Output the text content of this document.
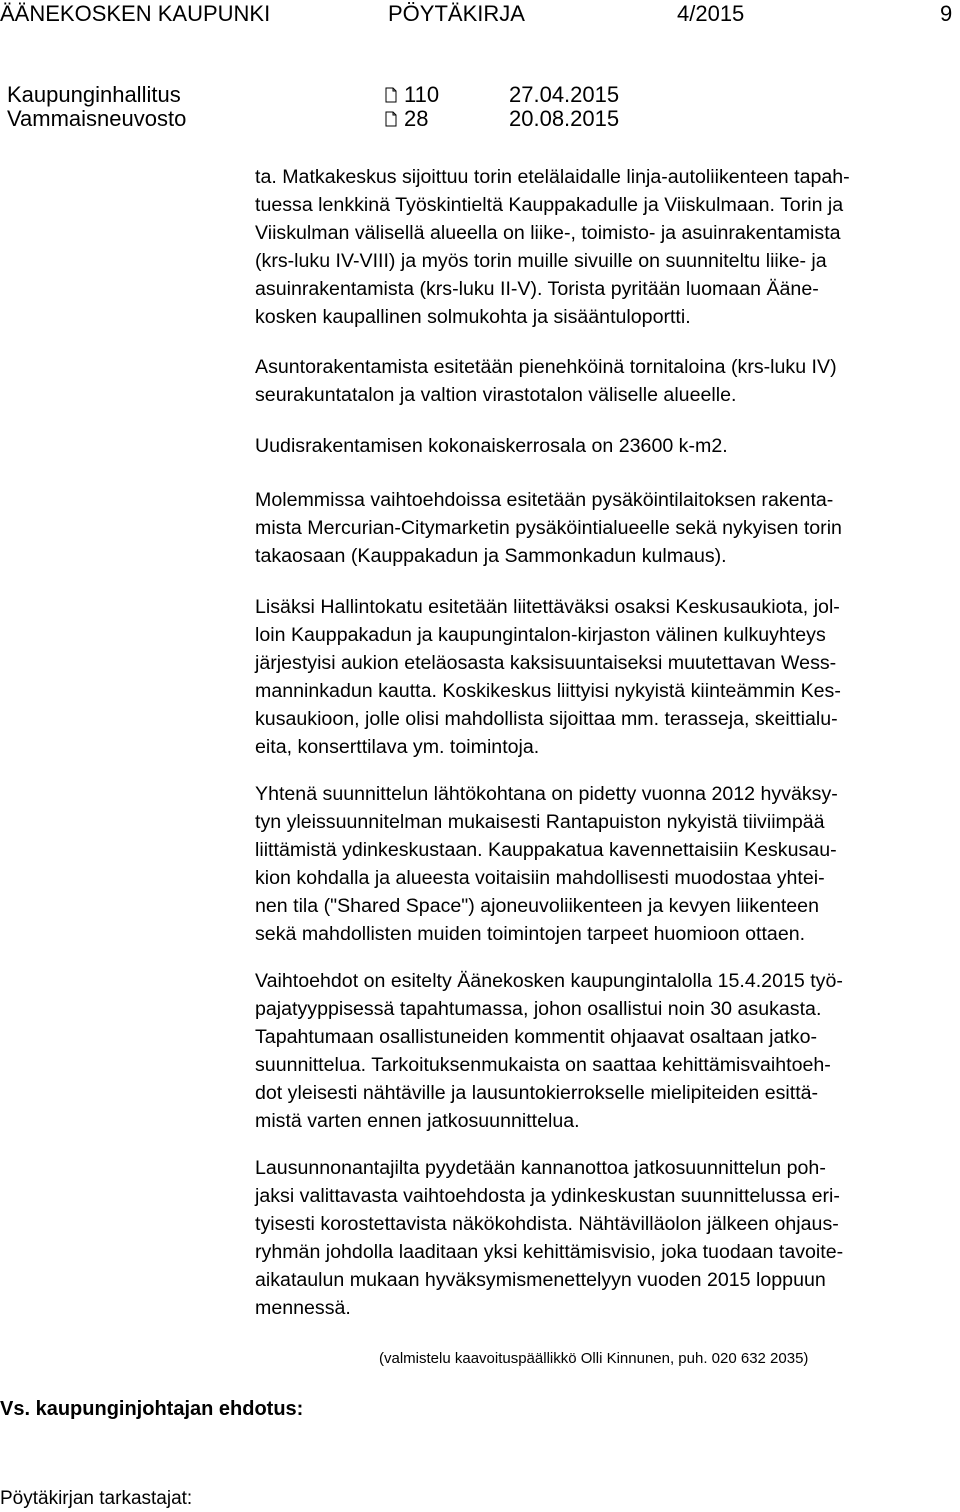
ÄÄNEKOSKEN KAUPUNKI	PÖYTÄKIRJA	4/2015	9
Kaupunginhallitus	110	27.04.2015
Vammaisneuvosto	28	20.08.2015
ta. Matkakeskus sijoittuu torin etelälaidalle linja-autoliikenteen tapah-
tuessa lenkkinä Työskintieltä Kauppakadulle ja Viiskulmaan. Torin ja
Viiskulman välisellä alueella on liike-, toimisto- ja asuinrakentamista
(krs-luku IV-VIII) ja myös torin muille sivuille on suunniteltu liike- ja
asuinrakentamista (krs-luku II-V). Torista pyritään luomaan Ääne-
kosken kaupallinen solmukohta ja sisääntuloportti.
Asuntorakentamista esitetään pienehköinä tornitaloina (krs-luku IV)
seurakuntatalon ja valtion virastotalon väliselle alueelle.
Uudisrakentamisen kokonaiskerrosala on 23600 k-m2.
Molemmissa vaihtoehdoissa esitetään pysäköintilaitoksen rakenta-
mista Mercurian-Citymarketin pysäköintialueelle sekä nykyisen torin
takaosaan (Kauppakadun ja Sammonkadun kulmaus).
Lisäksi Hallintokatu esitetään liitettäväksi osaksi Keskusaukiota, jol-
loin Kauppakadun ja kaupungintalon-kirjaston välinen kulkuyhteys
järjestyisi aukion eteläosasta kaksisuuntaiseksi muutettavan Wess-
manninkadun kautta. Koskikeskus liittyisi nykyistä kiinteämmin Kes-
kusaukioon, jolle olisi mahdollista sijoittaa mm. terasseja, skeittialu-
eita, konserttilava ym. toimintoja.
Yhtenä suunnittelun lähtökohtana on pidetty vuonna 2012 hyväksy-
tyn yleissuunnitelman mukaisesti Rantapuiston nykyistä tiiviimpää
liittämistä ydinkeskustaan. Kauppakatua kavennettaisiin Keskusau-
kion kohdalla ja alueesta voitaisiin mahdollisesti muodostaa yhtei-
nen tila ("Shared Space") ajoneuvoliikenteen ja kevyen liikenteen
sekä mahdollisten muiden toimintojen tarpeet huomioon ottaen.
Vaihtoehdot on esitelty Äänekosken kaupungintalolla 15.4.2015 työ-
pajatyyppisessä tapahtumassa, johon osallistui noin 30 asukasta.
Tapahtumaan osallistuneiden kommentit ohjaavat osaltaan jatko-
suunnittelua. Tarkoituksenmukaista on saattaa kehittämisvaihtoeh-
dot yleisesti nähtäville ja lausuntokierrokselle mielipiteiden esittä-
mistä varten ennen jatkosuunnittelua.
Lausunnonantajilta pyydetään kannanottoa jatkosuunnittelun poh-
jaksi valittavasta vaihtoehdosta ja ydinkeskustan suunnittelussa eri-
tyisesti korostettavista näkökohdista. Nähtävilläolon jälkeen ohjaus-
ryhmän johdolla laaditaan yksi kehittämisvisio, joka tuodaan tavoite-
aikataulun mukaan hyväksymismenettelyyn vuoden 2015 loppuun
mennessä.
(valmistelu kaavoituspäällikkö Olli Kinnunen, puh. 020 632 2035)
Vs. kaupunginjohtajan ehdotus:
Pöytäkirjan tarkastajat:
